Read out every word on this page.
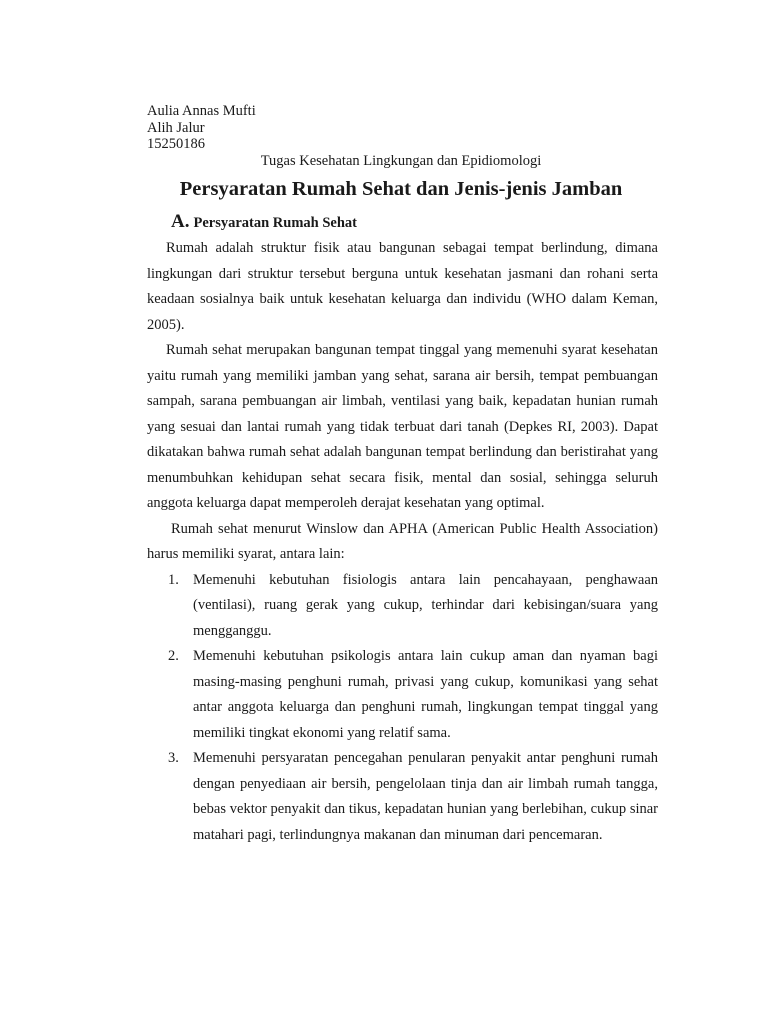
Aulia Annas Mufti
Alih Jalur
15250186
Tugas Kesehatan Lingkungan dan Epidiomologi
Persyaratan Rumah Sehat dan Jenis-jenis Jamban
A. Persyaratan Rumah Sehat

Rumah adalah struktur fisik atau bangunan sebagai tempat berlindung, dimana lingkungan dari struktur tersebut berguna untuk kesehatan jasmani dan rohani serta keadaan sosialnya baik untuk kesehatan keluarga dan individu (WHO dalam Keman, 2005).

Rumah sehat merupakan bangunan tempat tinggal yang memenuhi syarat kesehatan yaitu rumah yang memiliki jamban yang sehat, sarana air bersih, tempat pembuangan sampah, sarana pembuangan air limbah, ventilasi yang baik, kepadatan hunian rumah yang sesuai dan lantai rumah yang tidak terbuat dari tanah (Depkes RI, 2003). Dapat dikatakan bahwa rumah sehat adalah bangunan tempat berlindung dan beristirahat yang menumbuhkan kehidupan sehat secara fisik, mental dan sosial, sehingga seluruh anggota keluarga dapat memperoleh derajat kesehatan yang optimal.

Rumah sehat menurut Winslow dan APHA (American Public Health Association) harus memiliki syarat, antara lain:

1. Memenuhi kebutuhan fisiologis antara lain pencahayaan, penghawaan (ventilasi), ruang gerak yang cukup, terhindar dari kebisingan/suara yang mengganggu.
2. Memenuhi kebutuhan psikologis antara lain cukup aman dan nyaman bagi masing-masing penghuni rumah, privasi yang cukup, komunikasi yang sehat antar anggota keluarga dan penghuni rumah, lingkungan tempat tinggal yang memiliki tingkat ekonomi yang relatif sama.
3. Memenuhi persyaratan pencegahan penularan penyakit antar penghuni rumah dengan penyediaan air bersih, pengelolaan tinja dan air limbah rumah tangga, bebas vektor penyakit dan tikus, kepadatan hunian yang berlebihan, cukup sinar matahari pagi, terlindungnya makanan dan minuman dari pencemaran.
